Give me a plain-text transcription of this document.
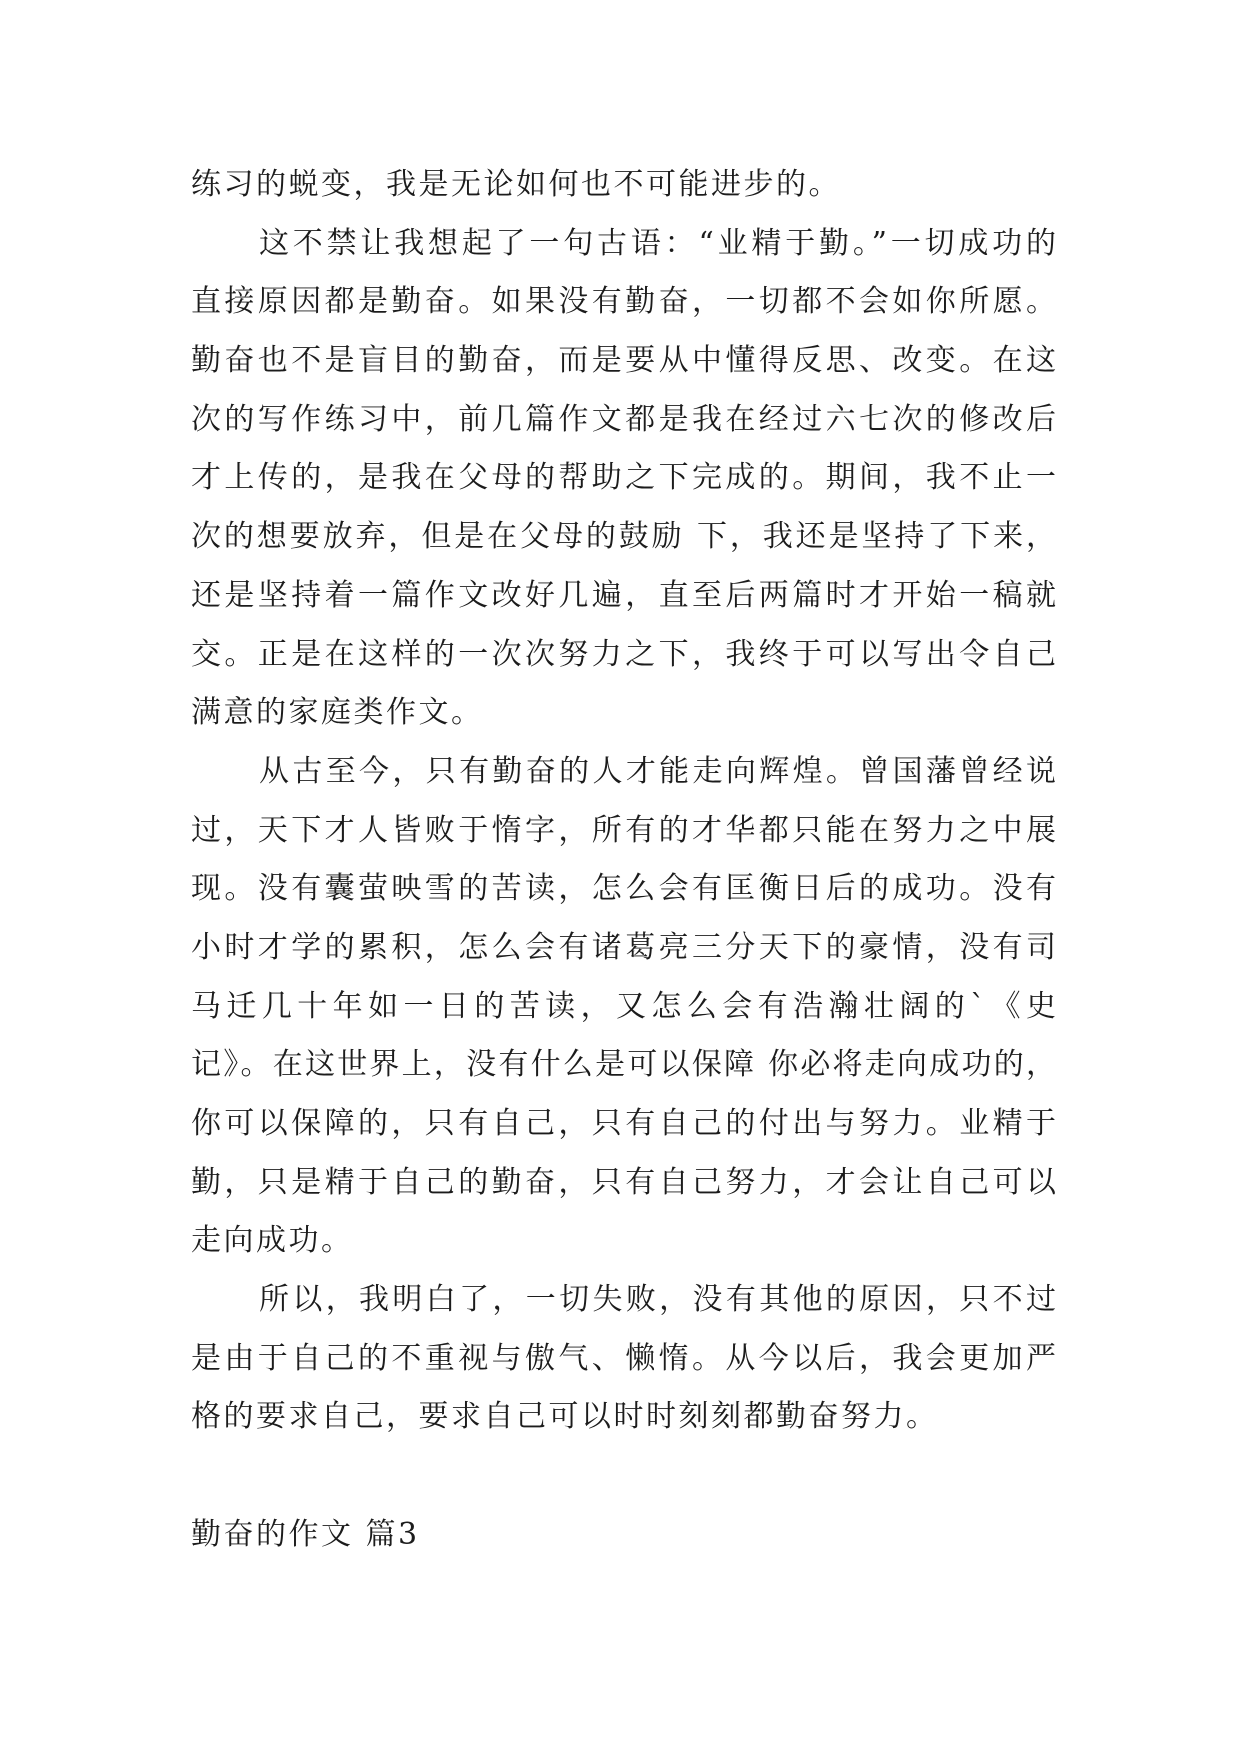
练习的蜕变，我是无论如何也不可能进步的。
这不禁让我想起了一句古语：“业精于勤。”一切成功的
直接原因都是勤奋。如果没有勤奋，一切都不会如你所愿。
勤奋也不是盲目的勤奋，而是要从中懂得反思、改变。在这
次的写作练习中，前几篇作文都是我在经过六七次的修改后
才上传的，是我在父母的帮助之下完成的。期间，我不止一
次的想要放弃，但是在父母的鼓励 下，我还是坚持了下来，
还是坚持着一篇作文改好几遍，直至后两篇时才开始一稿就
交。正是在这样的一次次努力之下，我终于可以写出令自己
满意的家庭类作文。
从古至今，只有勤奋的人才能走向辉煌。曾国藩曾经说
过，天下才人皆败于惰字，所有的才华都只能在努力之中展
现。没有囊萤映雪的苦读，怎么会有匡衡日后的成功。没有
小时才学的累积，怎么会有诸葛亮三分天下的豪情，没有司
马迁几十年如一日的苦读，又怎么会有浩瀚壮阔的`《史
记》。在这世界上，没有什么是可以保障 你必将走向成功的，
你可以保障的，只有自己，只有自己的付出与努力。业精于
勤，只是精于自己的勤奋，只有自己努力，才会让自己可以
走向成功。
所以，我明白了，一切失败，没有其他的原因，只不过
是由于自己的不重视与傲气、懒惰。从今以后，我会更加严
格的要求自己，要求自己可以时时刻刻都勤奋努力。
勤奋的作文 篇3
